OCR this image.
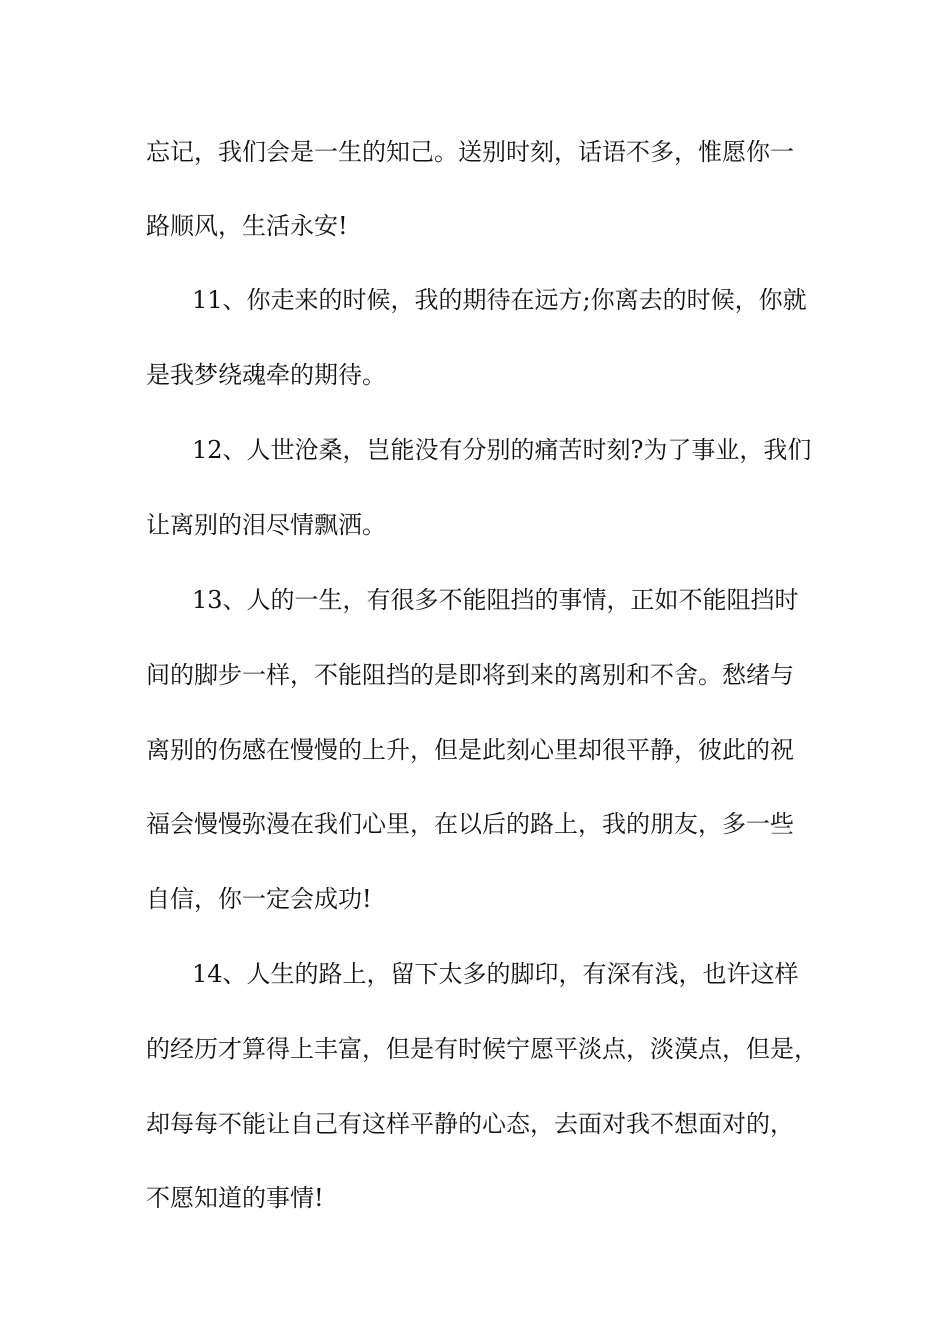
忘记，我们会是一生的知己。送别时刻，话语不多，惟愿你一
路顺风，生活永安!
11、你走来的时候，我的期待在远方;你离去的时候，你就
是我梦绕魂牵的期待。
12、人世沧桑，岂能没有分别的痛苦时刻?为了事业，我们
让离别的泪尽情飘洒。
13、人的一生，有很多不能阻挡的事情，正如不能阻挡时
间的脚步一样，不能阻挡的是即将到来的离别和不舍。愁绪与
离别的伤感在慢慢的上升，但是此刻心里却很平静，彼此的祝
福会慢慢弥漫在我们心里，在以后的路上，我的朋友，多一些
自信，你一定会成功!
14、人生的路上，留下太多的脚印，有深有浅，也许这样
的经历才算得上丰富，但是有时候宁愿平淡点，淡漠点，但是，
却每每不能让自己有这样平静的心态，去面对我不想面对的，
不愿知道的事情!
